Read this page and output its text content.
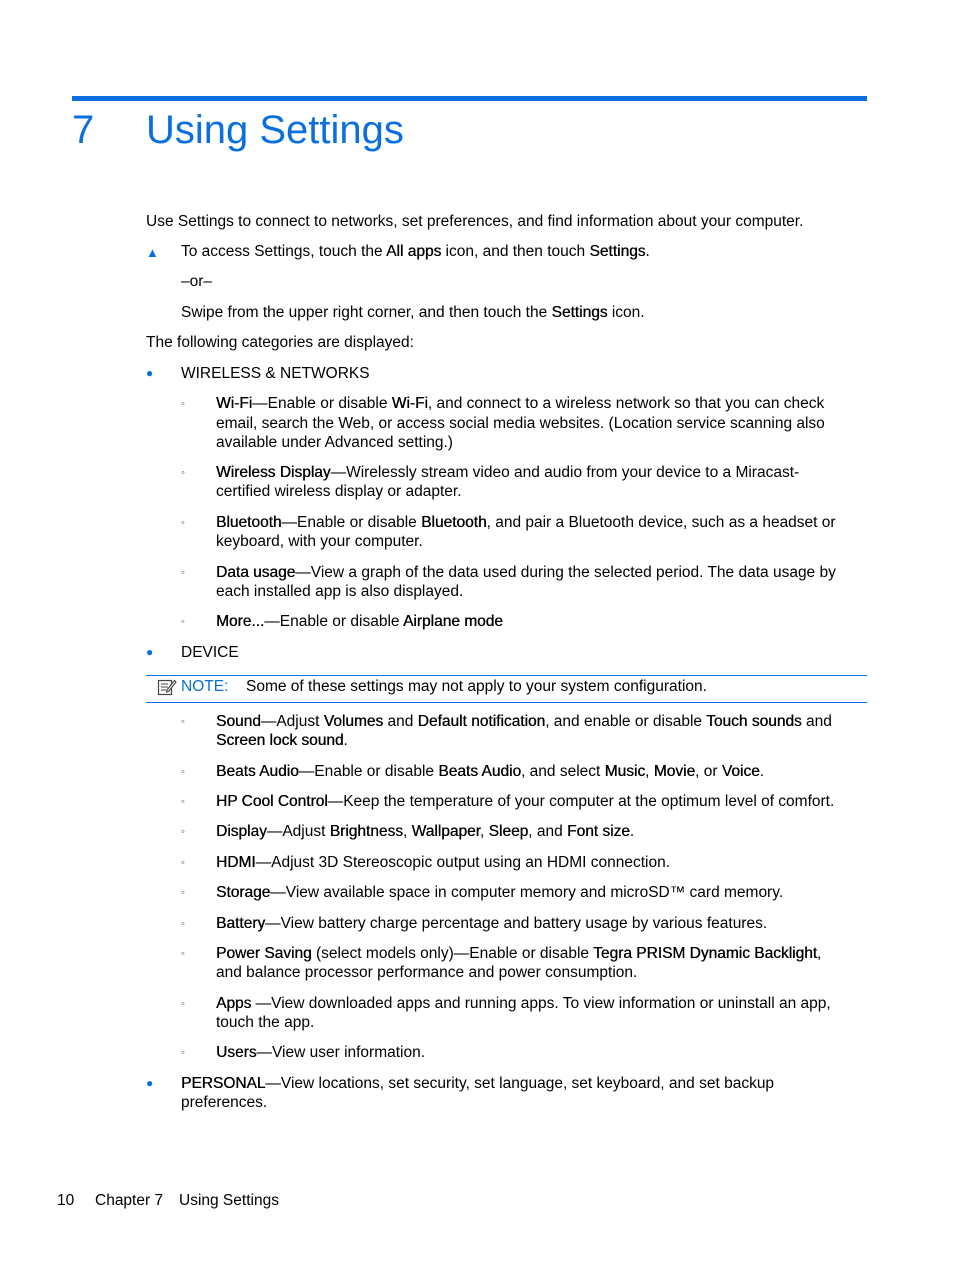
7 Using Settings
Use Settings to connect to networks, set preferences, and find information about your computer.
▲ To access Settings, touch the All apps icon, and then touch Settings.
–or–
Swipe from the upper right corner, and then touch the Settings icon.
The following categories are displayed:
● WIRELESS & NETWORKS
◦ Wi-Fi—Enable or disable Wi-Fi, and connect to a wireless network so that you can check
email, search the Web, or access social media websites. (Location service scanning also
available under Advanced setting.)
◦ Wireless Display—Wirelessly stream video and audio from your device to a Miracast-
certified wireless display or adapter.
◦ Bluetooth—Enable or disable Bluetooth, and pair a Bluetooth device, such as a headset or
keyboard, with your computer.
◦ Data usage—View a graph of the data used during the selected period. The data usage by
each installed app is also displayed.
◦ More...—Enable or disable Airplane mode
● DEVICE
NOTE: Some of these settings may not apply to your system configuration.
◦ Sound—Adjust Volumes and Default notification, and enable or disable Touch sounds and
Screen lock sound.
◦ Beats Audio—Enable or disable Beats Audio, and select Music, Movie, or Voice.
◦ HP Cool Control—Keep the temperature of your computer at the optimum level of comfort.
◦ Display—Adjust Brightness, Wallpaper, Sleep, and Font size.
◦ HDMI—Adjust 3D Stereoscopic output using an HDMI connection.
◦ Storage—View available space in computer memory and microSD™ card memory.
◦ Battery—View battery charge percentage and battery usage by various features.
◦ Power Saving (select models only)—Enable or disable Tegra PRISM Dynamic Backlight,
and balance processor performance and power consumption.
◦ Apps —View downloaded apps and running apps. To view information or uninstall an app,
touch the app.
◦ Users—View user information.
● PERSONAL—View locations, set security, set language, set keyboard, and set backup
preferences.
10 Chapter 7 Using Settings
